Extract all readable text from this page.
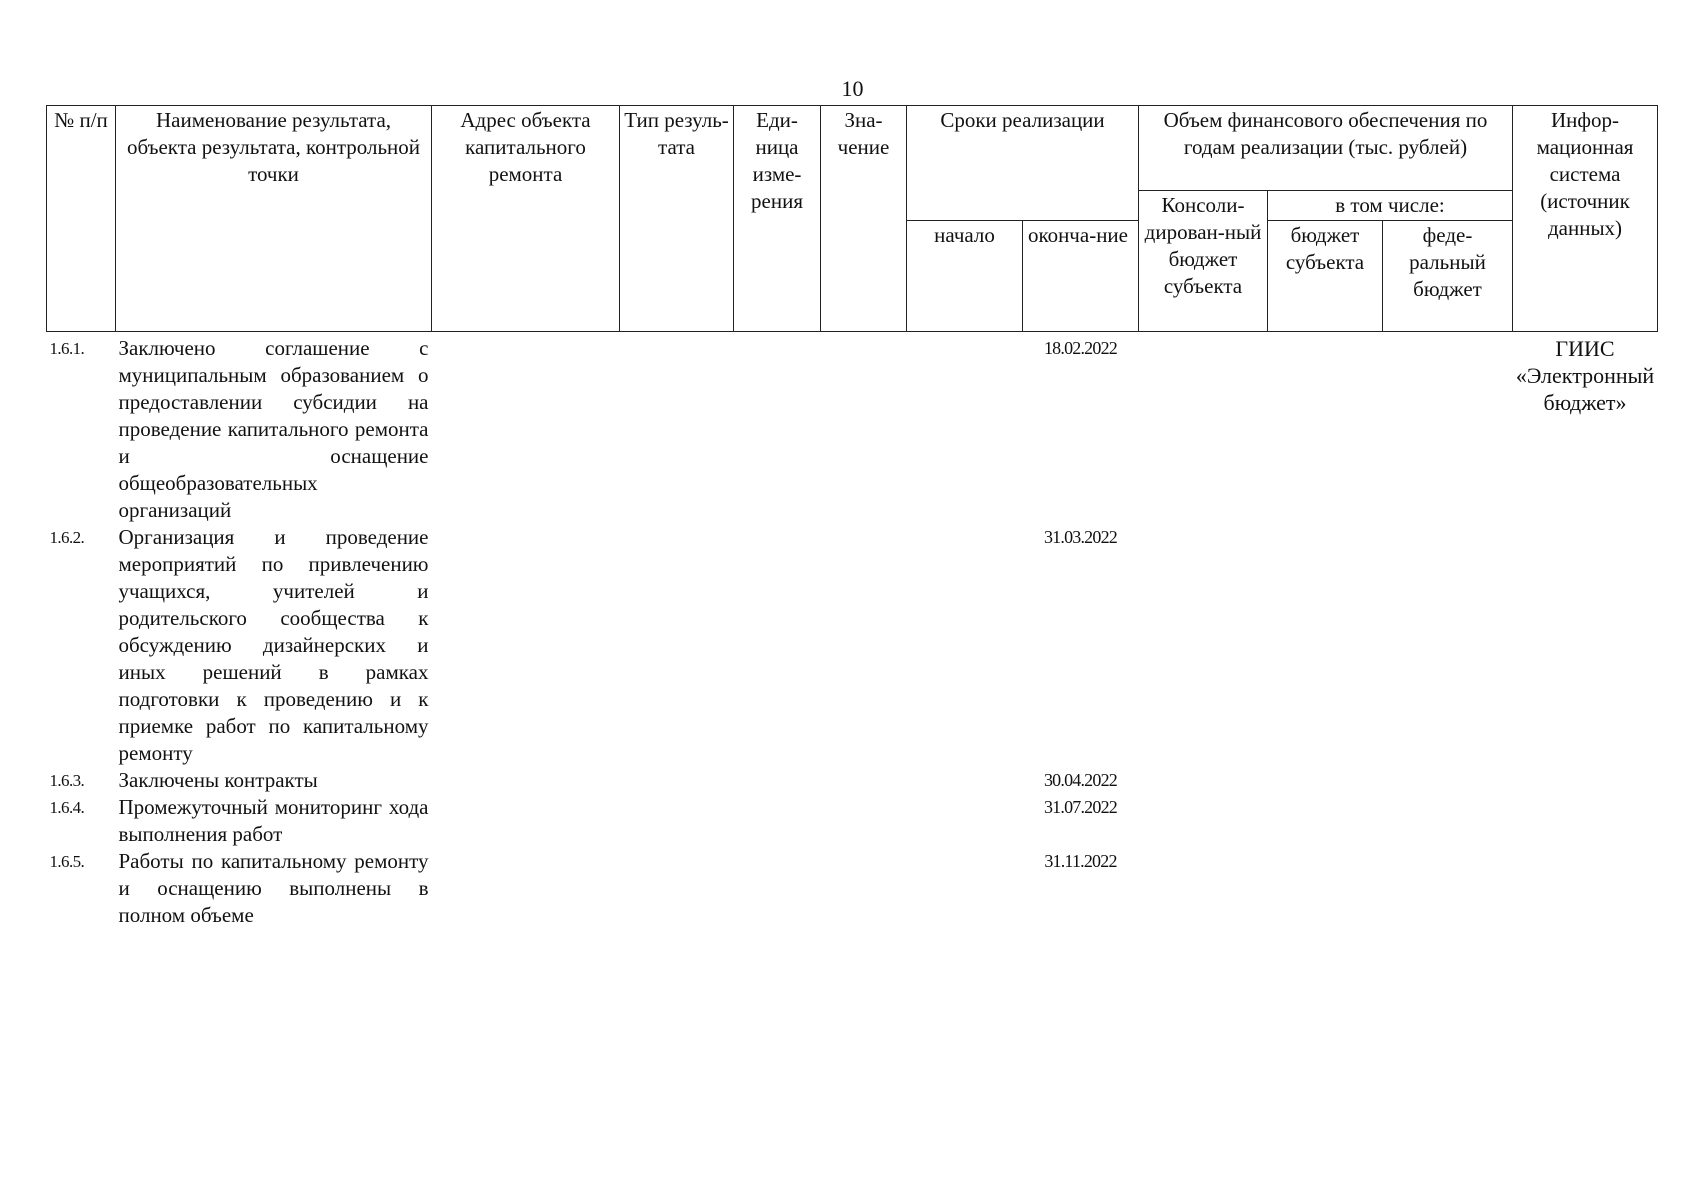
10
№ п/п	Наименование результата, объекта результата, контрольной точки	Адрес объекта капитального ремонта	Тип резуль-тата	Еди-ница изме-рения	Зна-чение	Сроки реализации		Объем финансового обеспечения по годам реализации (тыс. рублей)			Инфор-мационная система (источник данных)
								Консоли-дирован-ный бюджет субъекта	в том числе:		
						начало	оконча-ние		бюджет субъекта	феде-ральный бюджет	
1.6.1.	Заключено соглашение с муниципальным образованием о предоставлении субсидии на проведение капитального ремонта и оснащение общеобразовательных организаций						18.02.2022				ГИИС «Электронный бюджет»
1.6.2.	Организация и проведение мероприятий по привлечению учащихся, учителей и родительского сообщества к обсуждению дизайнерских и иных решений в рамках подготовки к проведению и к приемке работ по капитальному ремонту						31.03.2022				
1.6.3.	Заключены контракты						30.04.2022				
1.6.4.	Промежуточный мониторинг хода выполнения работ						31.07.2022				
1.6.5.	Работы по капитальному ремонту и оснащению выполнены в полном объеме						31.11.2022				
